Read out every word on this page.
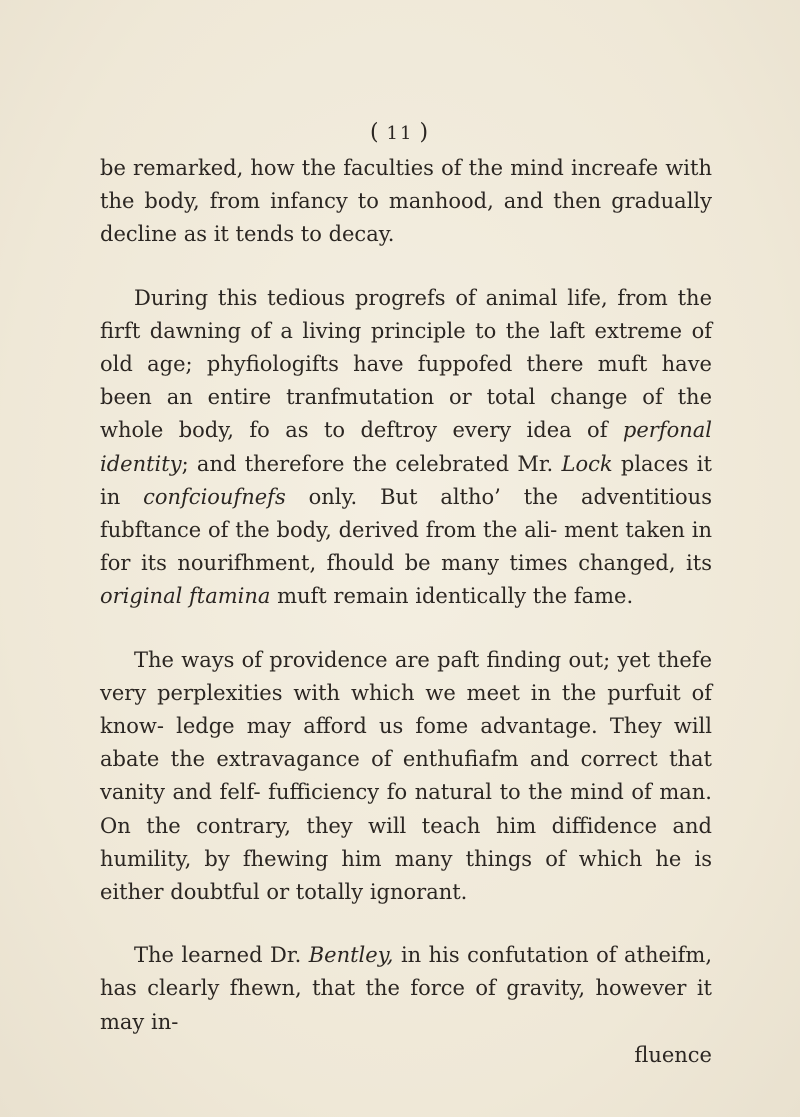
( 11 )

be remarked, how the faculties of the mind increafe with the body, from infancy to manhood, and then gradually decline as it tends to decay.

During this tedious progrefs of animal life, from the firft dawning of a living principle to the laft extreme of old age; phyfiologifts have fuppofed there muft have been an entire tranfmutation or total change of the whole body, fo as to deftroy every idea of perfonal identity; and therefore the celebrated Mr. Lock places it in confcioufnefs only. But altho’ the adventitious fubftance of the body, derived from the ali- ment taken in for its nourifhment, fhould be many times changed, its original ftamina muft remain identically the fame.

The ways of providence are paft finding out; yet thefe very perplexities with which we meet in the purfuit of know- ledge may afford us fome advantage. They will abate the extravagance of enthufiafm and correct that vanity and felf- fufficiency fo natural to the mind of man. On the contrary, they will teach him diffidence and humility, by fhewing him many things of which he is either doubtful or totally ignorant.

The learned Dr. Bentley, in his confutation of atheifm, has clearly fhewn, that the force of gravity, however it may in-

fluence
